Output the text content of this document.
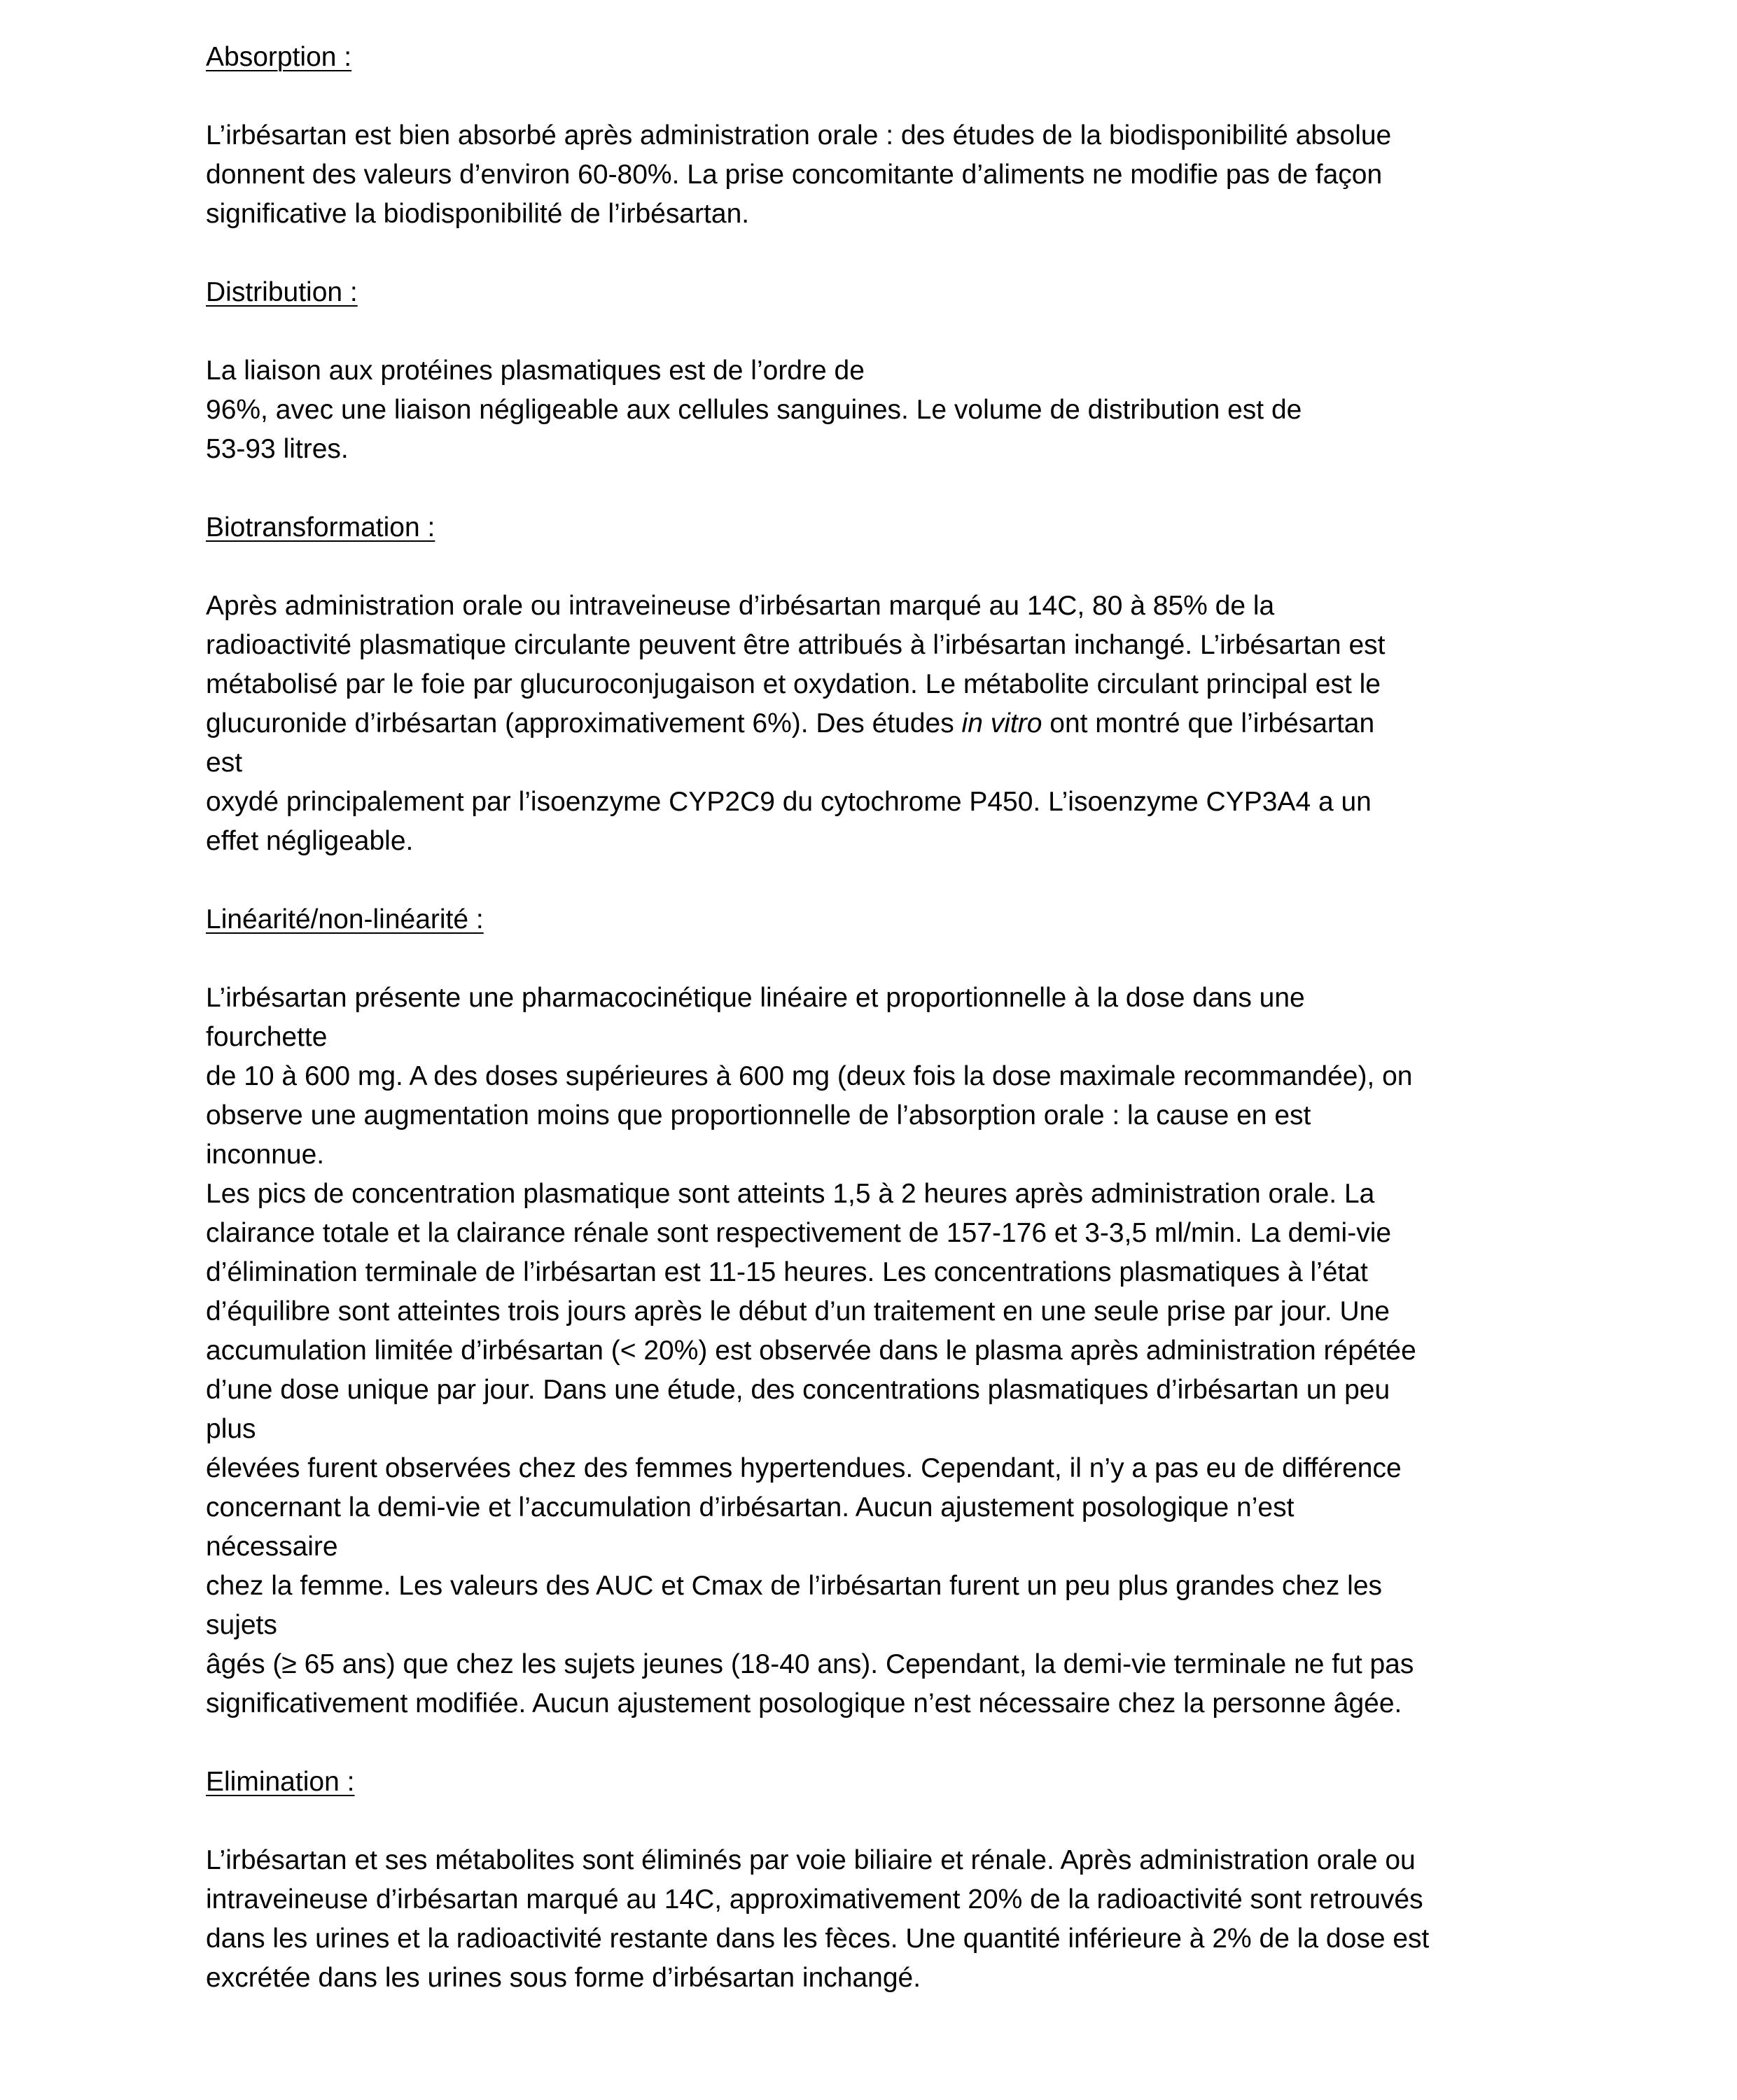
Absorption :

L’irbésartan est bien absorbé après administration orale : des études de la biodisponibilité absolue
donnent des valeurs d’environ 60-80%. La prise concomitante d’aliments ne modifie pas de façon
significative la biodisponibilité de l’irbésartan.

Distribution :

La liaison aux protéines plasmatiques est de l’ordre de
96%, avec une liaison négligeable aux cellules sanguines. Le volume de distribution est de
53-93 litres.

Biotransformation :

Après administration orale ou intraveineuse d’irbésartan marqué au 14C, 80 à 85% de la
radioactivité plasmatique circulante peuvent être attribués à l’irbésartan inchangé. L’irbésartan est
métabolisé par le foie par glucuroconjugaison et oxydation. Le métabolite circulant principal est le
glucuronide d’irbésartan (approximativement 6%). Des études in vitro ont montré que l’irbésartan
est
oxydé principalement par l’isoenzyme CYP2C9 du cytochrome P450. L’isoenzyme CYP3A4 a un
effet négligeable.

Linéarité/non-linéarité :

L’irbésartan présente une pharmacocinétique linéaire et proportionnelle à la dose dans une
fourchette
de 10 à 600 mg. A des doses supérieures à 600 mg (deux fois la dose maximale recommandée), on
observe une augmentation moins que proportionnelle de l’absorption orale : la cause en est
inconnue.
Les pics de concentration plasmatique sont atteints 1,5 à 2 heures après administration orale. La
clairance totale et la clairance rénale sont respectivement de 157-176 et 3-3,5 ml/min. La demi-vie
d’élimination terminale de l’irbésartan est 11-15 heures. Les concentrations plasmatiques à l’état
d’équilibre sont atteintes trois jours après le début d’un traitement en une seule prise par jour. Une
accumulation limitée d’irbésartan (< 20%) est observée dans le plasma après administration répétée
d’une dose unique par jour. Dans une étude, des concentrations plasmatiques d’irbésartan un peu
plus
élevées furent observées chez des femmes hypertendues. Cependant, il n’y a pas eu de différence
concernant la demi-vie et l’accumulation d’irbésartan. Aucun ajustement posologique n’est
nécessaire
chez la femme. Les valeurs des AUC et Cmax de l’irbésartan furent un peu plus grandes chez les
sujets
âgés (≥ 65 ans) que chez les sujets jeunes (18-40 ans). Cependant, la demi-vie terminale ne fut pas
significativement modifiée. Aucun ajustement posologique n’est nécessaire chez la personne âgée.

Elimination :

L’irbésartan et ses métabolites sont éliminés par voie biliaire et rénale. Après administration orale ou
intraveineuse d’irbésartan marqué au 14C, approximativement 20% de la radioactivité sont retrouvés
dans les urines et la radioactivité restante dans les fèces. Une quantité inférieure à 2% de la dose est
excrétée dans les urines sous forme d’irbésartan inchangé.
